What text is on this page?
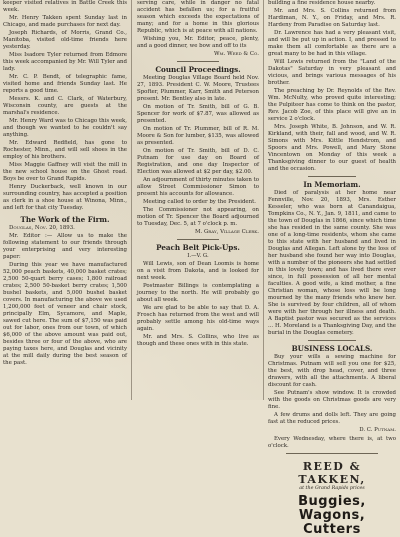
keeper visited relatives in Battle Creek this week.

Mr. Henry Takken spent Sunday last in Chicago, and made purchases for next day.

Joseph Richards, of Morris, Grand Co., Manitoba, visited old-time friends here yesterday.

Miss Isadore Tyler returned from Edmore this week accompanied by Mr. Will Tyler and lady.

Mr. C. P. Bendt, of telegraphic fame, visited home and friends Sunday last. He reports a good time.

Messrs. K. and C. Clark, of Waterbury, Wisconsin county, are guests at the marshal's residence.

Mr. Henry Ward was to Chicago this week, and though we wanted to he couldn't say anything.

Mr. Edward Redfield, has gone to Rochester, Minn., and will sell shoes in the employ of his brothers.

Miss Maggie Gaffney will visit the mill in the new school house on the Ghost road. Boys be over to Grand Rapids.

Henry Duckerback, well known in our surrounding country, has accepted a position as clerk in a shoe house at Winona, Minn., and left for that city Tuesday.

The Work of the Firm.

Douglas, Nov. 20, 1893.

Mr. Editor :— Allow us to make the following statement to our friends through your enterprising and very interesting paper:

During this year we have manufactured 52,000 peach baskets, 40,000 basket crates; 2,500 50-quart berry cases; 1,800 railroad crates; 2,500 50-basket berry crates; 1,500 bushel baskets, and 5,000 bushel basket covers. In manufacturing the above we used 1,200,000 feet of veneer and chair stock, principally Elm, Sycamore, and Maple, sawed cut here. The sum of $7,150 was paid out for labor, ones from our town, of which $6,000 of the above amount was paid out, besides three or four of the above, who are paying taxes here, and Douglas and vicinity at the mill daily during the best season of the past.

serving care, while in danger no fatal accident has befallen us; for a fruitful season which exceeds the expectations of many; and for a home in this glorious Republic, which is at peace with all nations.

Wishing you, Mr. Editor, peace, plenty, and a good dinner, we bow and off to its

Wm. Weed & Co.

Council Proceedings.

Meeting Douglas Village Board held Nov. 27, 1893. President C. W. Moore, Trustees Spofter, Plummer, Karr, Smith and Peterson present. Mr. Bentley also in late.

On motion of Tr. Smith, bill of G. B. Spencer for work of $7.87, was allowed as presented.

On motion of Tr. Plummer, bill of R. M. Moore & Son for lumber, $135, was allowed as presented.

On motion of Tr. Smith, bill of D. C. Putnam for use day on Board of Registration, and one day Inspector of Election was allowed at $2 per day, $2.00.

An adjournment of thirty minutes taken to allow Street Commissioner Simon to present his accounts for allowance.

Meeting called to order by the President.

The Commissioner not appearing, on motion of Tr. Spencer the Board adjourned to Tuesday, Dec. 5, at 7 o'clock p. m.

M. Gray, Village Clerk.

Peach Belt Pick-Ups.

I.—V. G.

Will Lewis, son of Dean Loomis is home on a visit from Dakota, and is looked for next week.

Postmaster Billings is contemplating a journey to the north. He will probably go about all week.

We are glad to be able to say that D. A. Frosch has returned from the west and will probably settle among his old-time ways again.

Mr. and Mrs. S. Collins, who live as though and these ones with in this state.

building a fine residence house nearby.

Mr. and Mrs. S. Collins returned from Hardiman, N. Y., on Friday, and Mrs. R. Hardeny from Paradise on Saturday last.

Dr. Lawrence has had a very pleasant visit, and will be put up in action. I, and pressed to make them all comfortable as there are a great many to be had in this village.

Will Lewis returned from the "Land of the Dakotas" Saturday in very pleasant and vicious, and brings various messages of his brother.

The preaching by Dr. Reynolds of the Rev. Wm. McNulty, who proved quite interesting; the Pulpiteer has come to think on the pastor, Rev. Jacob Zoe, of this place will give an in service 2 o'clock.

Mrs. Joseph White, B. Johnson, and W. R. Kirkland, with their, fall and wood, and W. R. Simons with Mrs. Kittle Hendstrom, and Spoors and Mrs. Powell, and Mary Stone Vincentown on Monday of this week a Thanksgiving dinner to our guest of health and the occasion.

In Memoriam.

Died of paralysis at her home near Fennville, Nov. 20, 1893, Mrs. Esther Kesseler, who was born at Canandaigua, Tompkins Co., N. Y., Jan. 9, 1811, and came to the town of Douglas in 1866, since which time she has resided in the same county. She was one of a long-time residents, whom she came to this state with her husband and lived in Douglas and Allegan. Left alone by the loss of her husband she found her way into Douglas, with a number of the pioneers she had settled in this lovely town; and has lived there ever since, in full possession of all her mental faculties. A good wife, a kind mother, a fine Christian woman, whose loss will be long mourned by the many friends who knew her. She is survived by four children, all of whom were with her through her illness and death. A Baptist pastor was secured as the services ... H. Moreland is a Thanksgiving Day, and the burial in the Douglas cemetery.

BUSINESS LOCALS.

Buy your wills a sewing machine for Christmas. Putnam will sell you one for $25, the best, with drop head, cover, and three drawers, with all the attachments. A liberal discount for cash.

See Putnam's show window. It is crowded with the goods on Christmas goods are very fine.

A few drums and dolls left. They are going fast at the reduced prices.

D. C. Putnam.

Every Wednesday, where there is, at two o'clock.

REED & TAKKEN,
at the Grand Rapids prices
Buggies, Wagons, Cutters
